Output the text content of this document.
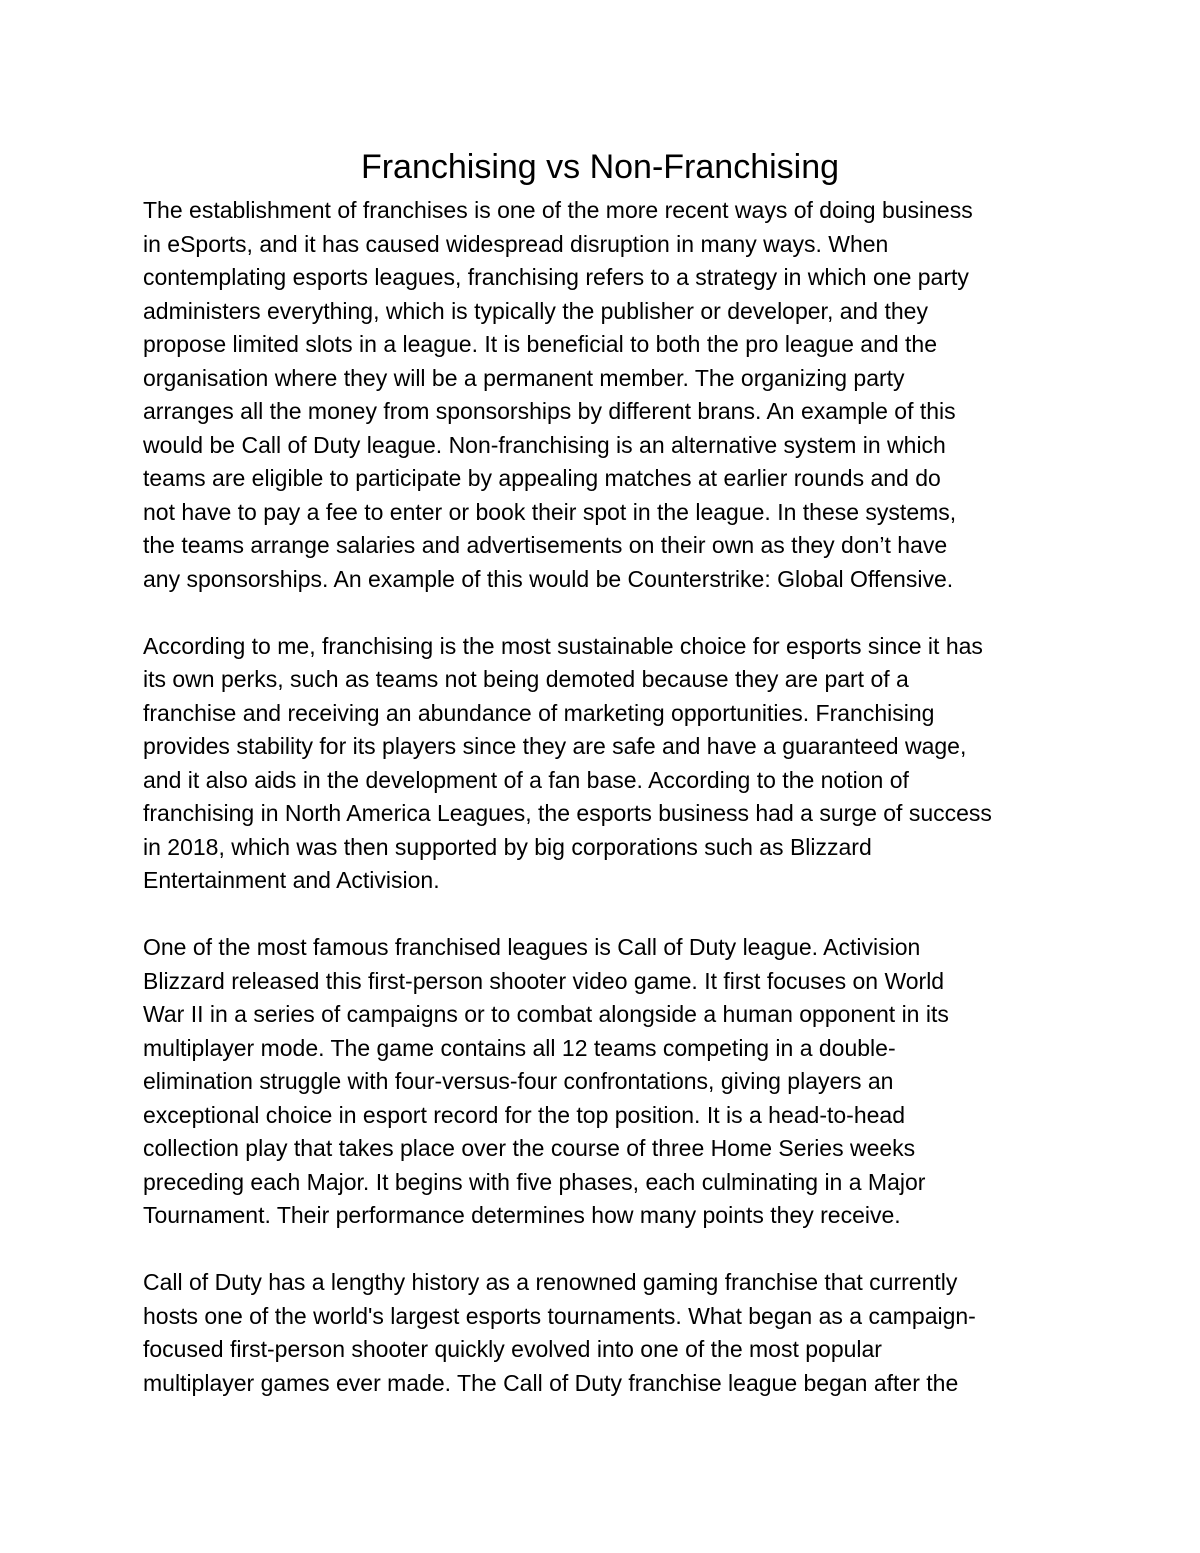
Franchising vs Non-Franchising

The establishment of franchises is one of the more recent ways of doing business
in eSports, and it has caused widespread disruption in many ways. When
contemplating esports leagues, franchising refers to a strategy in which one party
administers everything, which is typically the publisher or developer, and they
propose limited slots in a league. It is beneficial to both the pro league and the
organisation where they will be a permanent member. The organizing party
arranges all the money from sponsorships by different brans. An example of this
would be Call of Duty league. Non-franchising is an alternative system in which
teams are eligible to participate by appealing matches at earlier rounds and do
not have to pay a fee to enter or book their spot in the league. In these systems,
the teams arrange salaries and advertisements on their own as they don’t have
any sponsorships. An example of this would be Counterstrike: Global Offensive.

According to me, franchising is the most sustainable choice for esports since it has
its own perks, such as teams not being demoted because they are part of a
franchise and receiving an abundance of marketing opportunities. Franchising
provides stability for its players since they are safe and have a guaranteed wage,
and it also aids in the development of a fan base. According to the notion of
franchising in North America Leagues, the esports business had a surge of success
in 2018, which was then supported by big corporations such as Blizzard
Entertainment and Activision.

One of the most famous franchised leagues is Call of Duty league. Activision
Blizzard released this first-person shooter video game. It first focuses on World
War II in a series of campaigns or to combat alongside a human opponent in its
multiplayer mode. The game contains all 12 teams competing in a double-
elimination struggle with four-versus-four confrontations, giving players an
exceptional choice in esport record for the top position. It is a head-to-head
collection play that takes place over the course of three Home Series weeks
preceding each Major. It begins with five phases, each culminating in a Major
Tournament. Their performance determines how many points they receive.

Call of Duty has a lengthy history as a renowned gaming franchise that currently
hosts one of the world's largest esports tournaments. What began as a campaign-
focused first-person shooter quickly evolved into one of the most popular
multiplayer games ever made. The Call of Duty franchise league began after the
